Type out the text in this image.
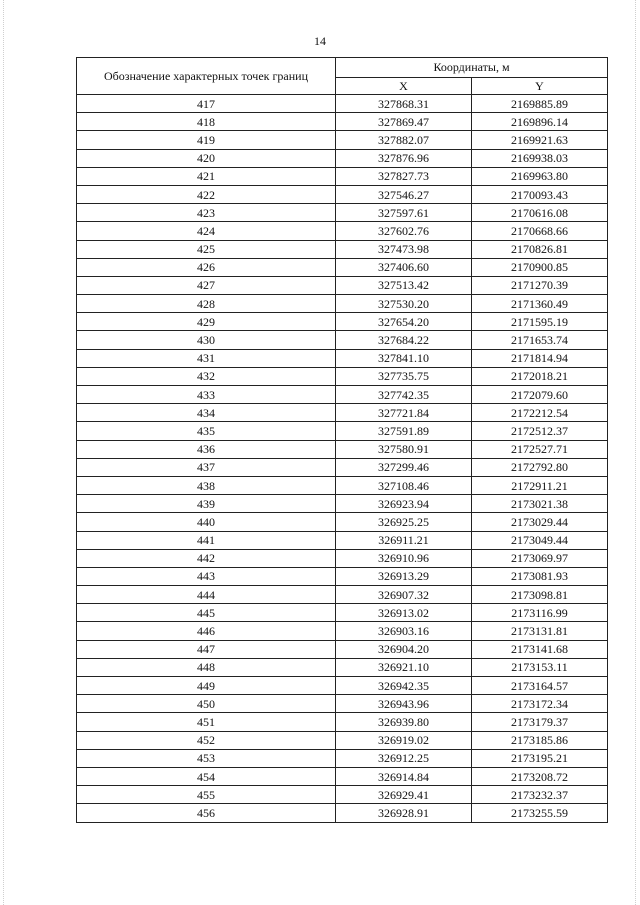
14
Обозначение характерных точек границ	Координаты, м	
	X	Y
417	327868.31	2169885.89
418	327869.47	2169896.14
419	327882.07	2169921.63
420	327876.96	2169938.03
421	327827.73	2169963.80
422	327546.27	2170093.43
423	327597.61	2170616.08
424	327602.76	2170668.66
425	327473.98	2170826.81
426	327406.60	2170900.85
427	327513.42	2171270.39
428	327530.20	2171360.49
429	327654.20	2171595.19
430	327684.22	2171653.74
431	327841.10	2171814.94
432	327735.75	2172018.21
433	327742.35	2172079.60
434	327721.84	2172212.54
435	327591.89	2172512.37
436	327580.91	2172527.71
437	327299.46	2172792.80
438	327108.46	2172911.21
439	326923.94	2173021.38
440	326925.25	2173029.44
441	326911.21	2173049.44
442	326910.96	2173069.97
443	326913.29	2173081.93
444	326907.32	2173098.81
445	326913.02	2173116.99
446	326903.16	2173131.81
447	326904.20	2173141.68
448	326921.10	2173153.11
449	326942.35	2173164.57
450	326943.96	2173172.34
451	326939.80	2173179.37
452	326919.02	2173185.86
453	326912.25	2173195.21
454	326914.84	2173208.72
455	326929.41	2173232.37
456	326928.91	2173255.59
